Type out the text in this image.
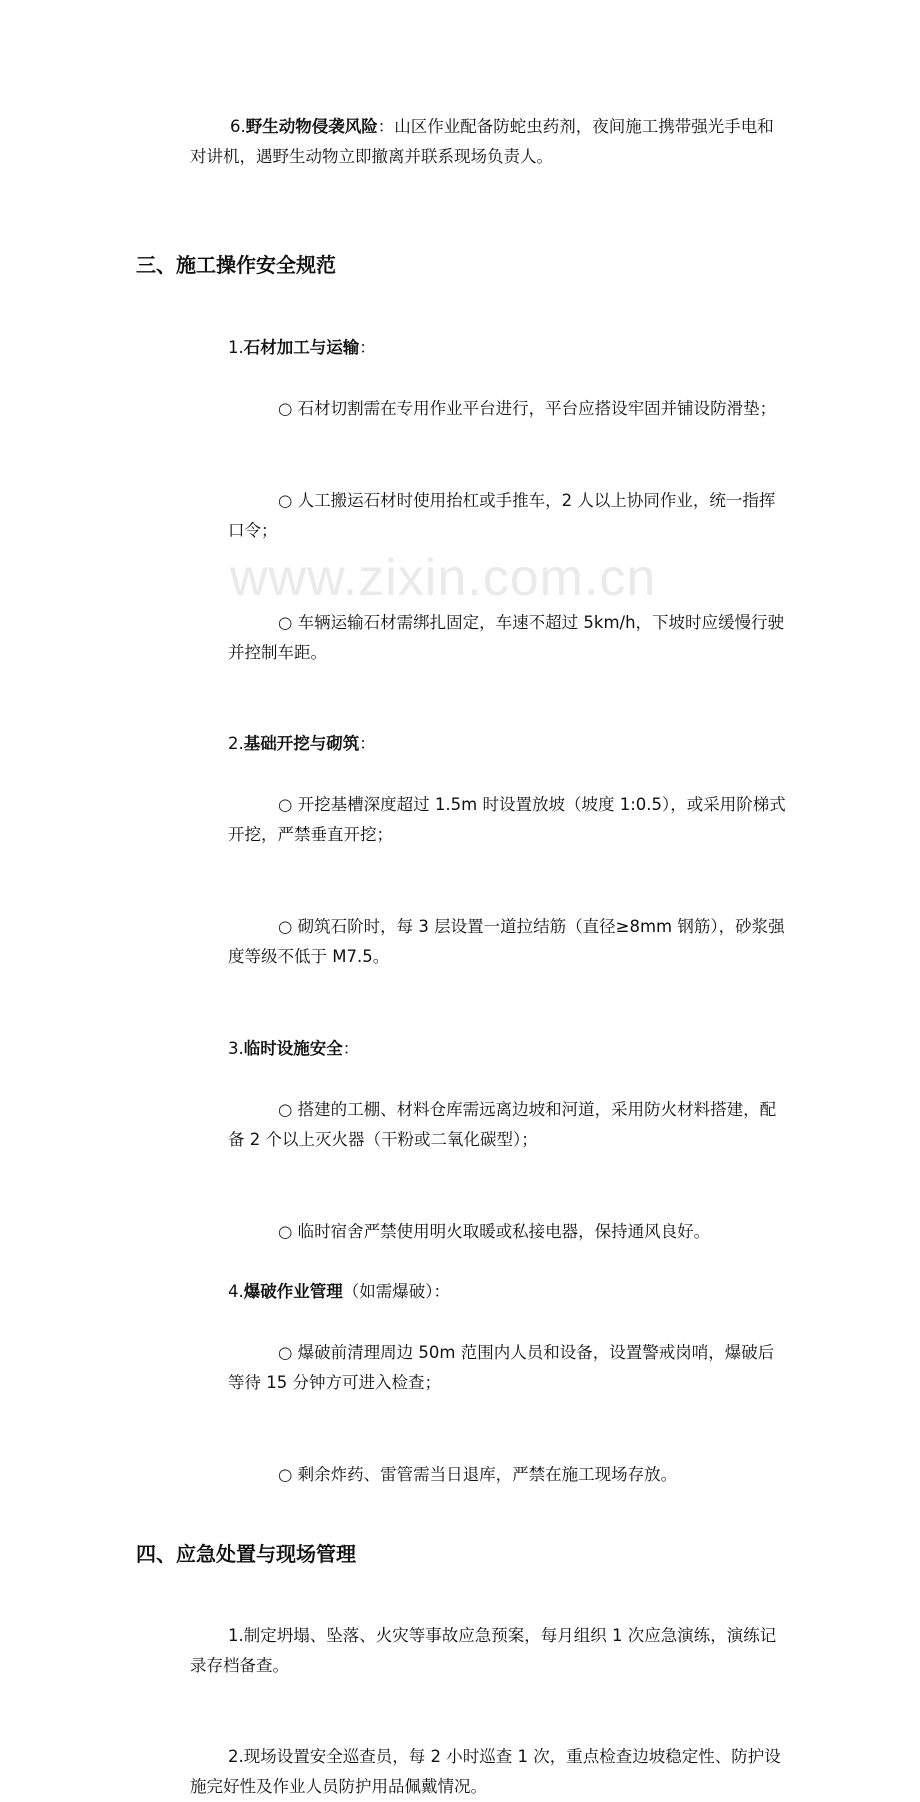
www.zixin.com.cn

6.野生动物侵袭风险：山区作业配备防蛇虫药剂，夜间施工携带强光手电和对讲机，遇野生动物立即撤离并联系现场负责人。

三、施工操作安全规范

1.石材加工与运输：

○ 石材切割需在专用作业平台进行，平台应搭设牢固并铺设防滑垫；

○ 人工搬运石材时使用抬杠或手推车，2 人以上协同作业，统一指挥口令；

○ 车辆运输石材需绑扎固定，车速不超过 5km/h，下坡时应缓慢行驶并控制车距。

2.基础开挖与砌筑：

○ 开挖基槽深度超过 1.5m 时设置放坡（坡度 1:0.5），或采用阶梯式开挖，严禁垂直开挖；

○ 砌筑石阶时，每 3 层设置一道拉结筋（直径≥8mm 钢筋），砂浆强度等级不低于 M7.5。

3.临时设施安全：

○ 搭建的工棚、材料仓库需远离边坡和河道，采用防火材料搭建，配备 2 个以上灭火器（干粉或二氧化碳型）；

○ 临时宿舍严禁使用明火取暖或私接电器，保持通风良好。

4.爆破作业管理（如需爆破）：

○ 爆破前清理周边 50m 范围内人员和设备，设置警戒岗哨，爆破后等待 15 分钟方可进入检查；

○ 剩余炸药、雷管需当日退库，严禁在施工现场存放。

四、应急处置与现场管理

1.制定坍塌、坠落、火灾等事故应急预案，每月组织 1 次应急演练，演练记录存档备查。

2.现场设置安全巡查员，每 2 小时巡查 1 次，重点检查边坡稳定性、防护设施完好性及作业人员防护用品佩戴情况。
